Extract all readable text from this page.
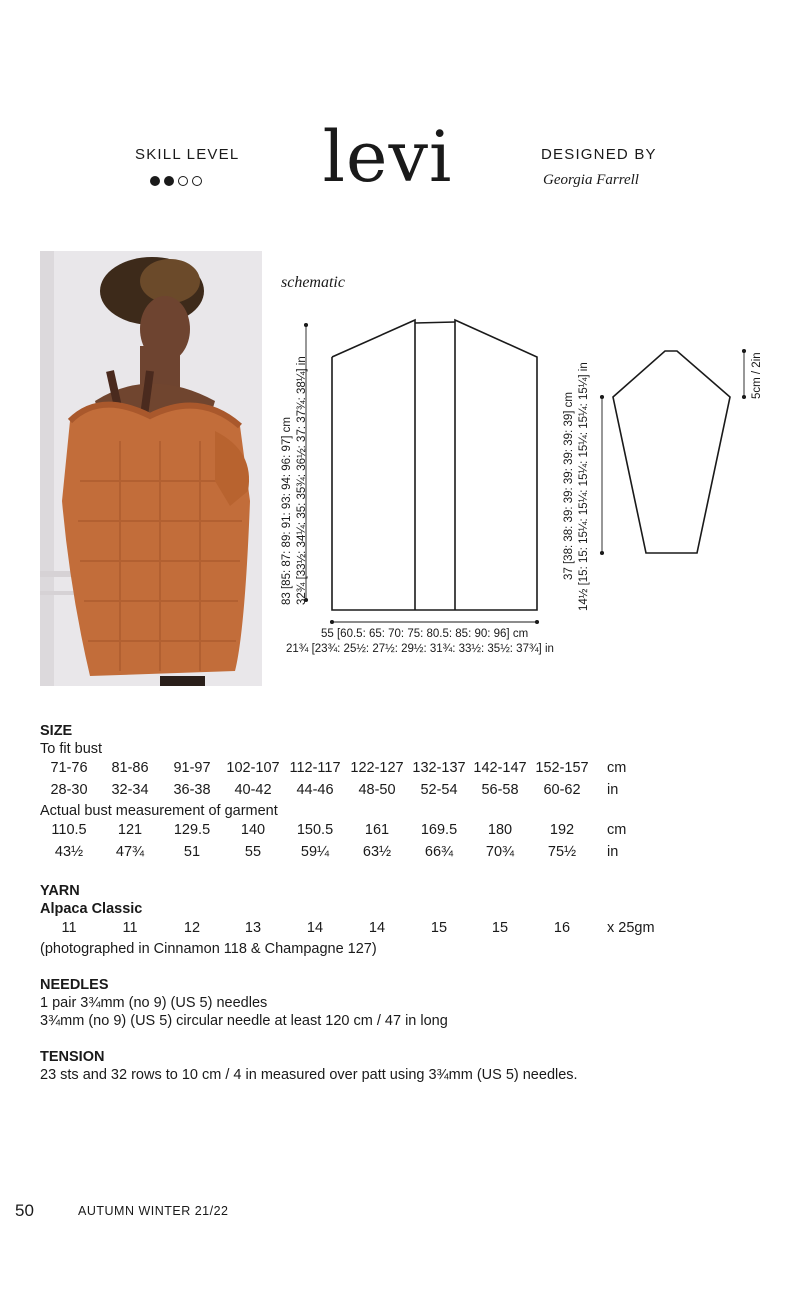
SKILL LEVEL	levi	DESIGNED BY
Georgia Farrell
schematic
83 [85: 87: 89: 91: 93: 94: 96: 97] cm 32¾ [33½: 34¼: 35: 35¾: 36½: 37: 37¾: 38¼] in	37 [38: 38: 39: 39: 39: 39: 39: 39] cm 14½ [15: 15: 15¼: 15¼: 15¼: 15¼: 15¼: 15¼] in	5cm / 2in
55 [60.5: 65: 70: 75: 80.5: 85: 90: 96] cm
21¾ [23¾: 25½: 27½: 29½: 31¾: 33½: 35½: 37¾] in
SIZE
To fit bust
71-76	81-86	91-97	102-107 112-117 122-127 132-137 142-147 152-157 cm
28-30	32-34	36-38	40-42	44-46	48-50	52-54	56-58	60-62	in
Actual bust measurement of garment
110.5	121	129.5	140	150.5	161	169.5	180	192	cm
43½	47¾	51	55	59¼	63½	66¾	70¾	75½	in
YARN
Alpaca Classic
11	11	12	13	14	14	15	15	16	x 25gm
(photographed in Cinnamon 118 & Champagne 127)
NEEDLES
1 pair 3¾mm (no 9) (US 5) needles
3¾mm (no 9) (US 5) circular needle at least 120 cm / 47 in long
TENSION
23 sts and 32 rows to 10 cm / 4 in measured over patt using 3¾mm (US 5) needles.
50	AUTUMN WINTER 21/22
